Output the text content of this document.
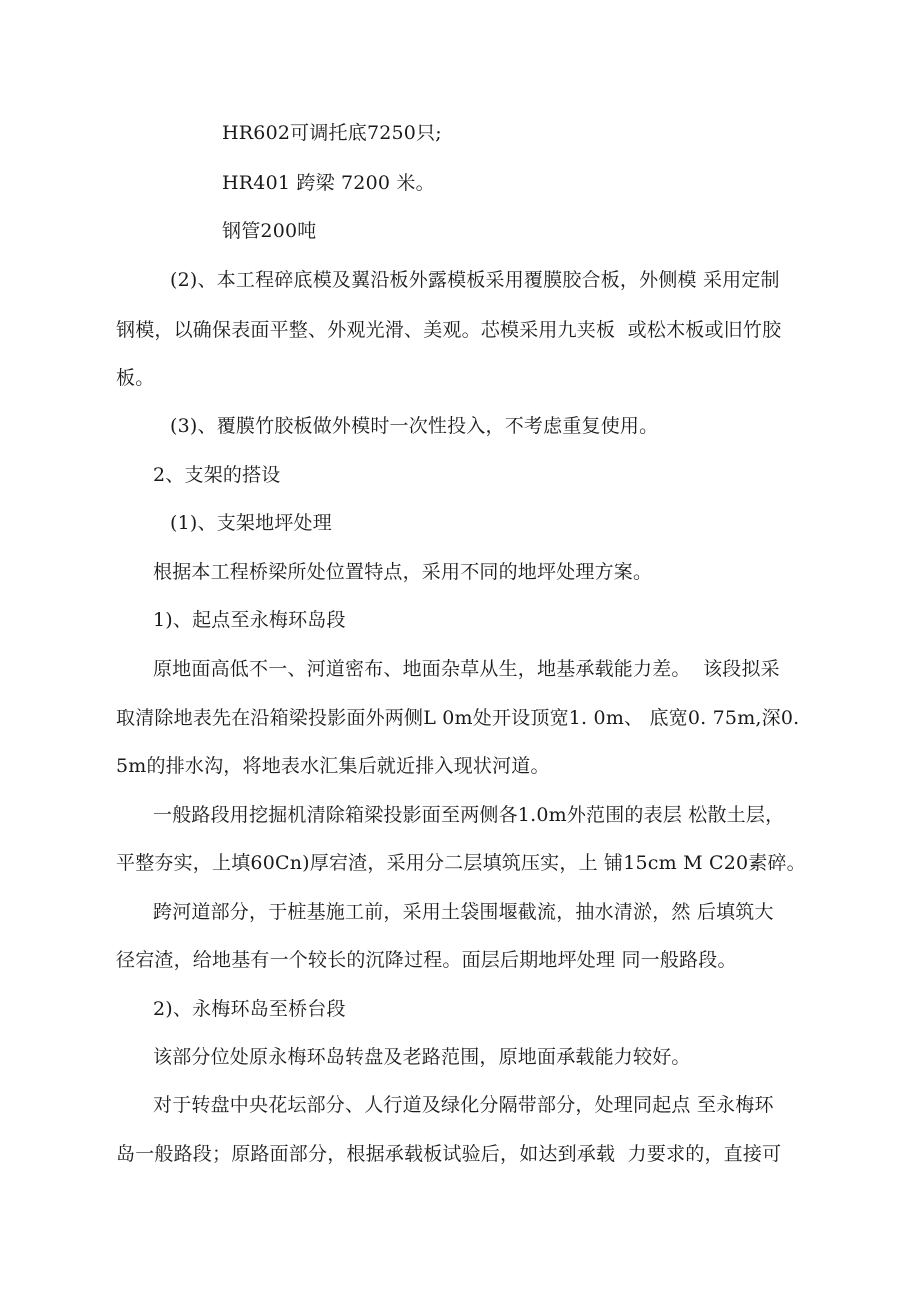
HR602可调托底7250只;
HR401 跨梁 7200 米。
钢管200吨
(2)、本工程碎底模及翼沿板外露模板采用覆膜胶合板，外侧模 采用定制
钢模，以确保表面平整、外观光滑、美观。芯模采用九夹板  或松木板或旧竹胶
板。
(3)、覆膜竹胶板做外模时一次性投入，不考虑重复使用。
2、支架的搭设
(1)、支架地坪处理
根据本工程桥梁所处位置特点，采用不同的地坪处理方案。
1)、起点至永梅环岛段
原地面高低不一、河道密布、地面杂草从生，地基承载能力差。  该段拟采
取清除地表先在沿箱梁投影面外两侧L 0m处开设顶宽1. 0m、 底宽0. 75m,深0.
5m的排水沟，将地表水汇集后就近排入现状河道。
一般路段用挖掘机清除箱梁投影面至两侧各1.0m外范围的表层 松散土层，
平整夯实，上填60Cn)厚宕渣，采用分二层填筑压实，上 铺15cm M C20素碎。
跨河道部分，于桩基施工前，采用土袋围堰截流，抽水清淤，然 后填筑大
径宕渣，给地基有一个较长的沉降过程。面层后期地坪处理 同一般路段。
2)、永梅环岛至桥台段
该部分位处原永梅环岛转盘及老路范围，原地面承载能力较好。
对于转盘中央花坛部分、人行道及绿化分隔带部分，处理同起点 至永梅环
岛一般路段；原路面部分，根据承载板试验后，如达到承载  力要求的，直接可
